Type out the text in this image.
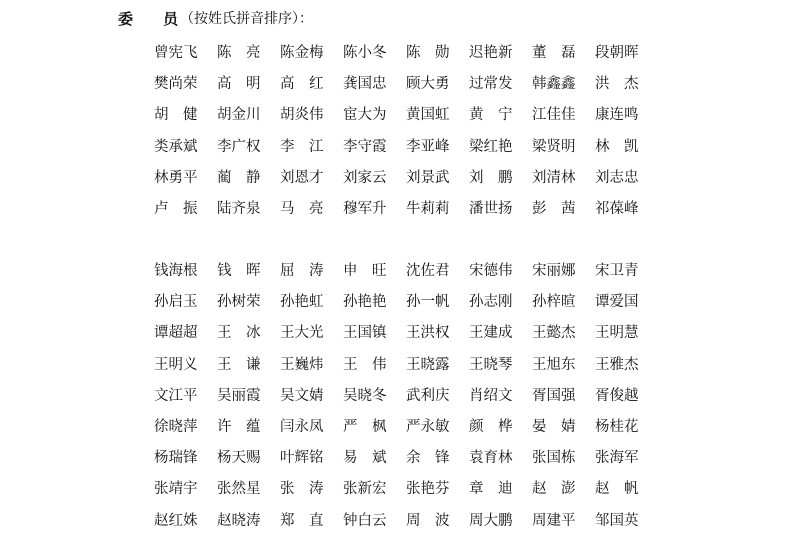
委 员 （按姓氏拼音排序）：
曾宪飞	陈　亮	陈金梅	陈小冬	陈　勋	迟艳新	董　磊	段朝晖
樊尚荣	高　明	高　红	龚国忠	顾大勇	过常发	韩鑫鑫	洪　杰
胡　健	胡金川	胡炎伟	宦大为	黄国虹	黄　宁	江佳佳	康连鸣
类承斌	李广权	李　江	李守霞	李亚峰	梁红艳	梁贤明	林　凯
林勇平	蔺　静	刘恩才	刘家云	刘景武	刘　鹏	刘清林	刘志忠
卢　振	陆齐泉	马　亮	穆军升	牛莉莉	潘世扬	彭　茜	祁葆峰
钱海根	钱　晖	屈　涛	申　旺	沈佐君	宋德伟	宋丽娜	宋卫青
孙启玉	孙树荣	孙艳虹	孙艳艳	孙一帆	孙志刚	孙梓暄	谭爱国
谭超超	王　冰	王大光	王国镇	王洪权	王建成	王懿杰	王明慧
王明义	王　谦	王巍炜	王　伟	王晓露	王晓琴	王旭东	王雅杰
文江平	吴丽霞	吴文婧	吴晓冬	武利庆	肖绍文	胥国强	胥俊越
徐晓萍	许　蕴	闫永凤	严　枫	严永敏	颜　桦	晏　婧	杨桂花
杨瑞锋	杨天赐	叶辉铭	易　斌	余　锋	袁育林	张国栋	张海军
张靖宇	张然星	张　涛	张新宏	张艳芬	章　迪	赵　澎	赵　帆
赵红姝	赵晓涛	郑　直	钟白云	周　波	周大鹏	周建平	邹国英
